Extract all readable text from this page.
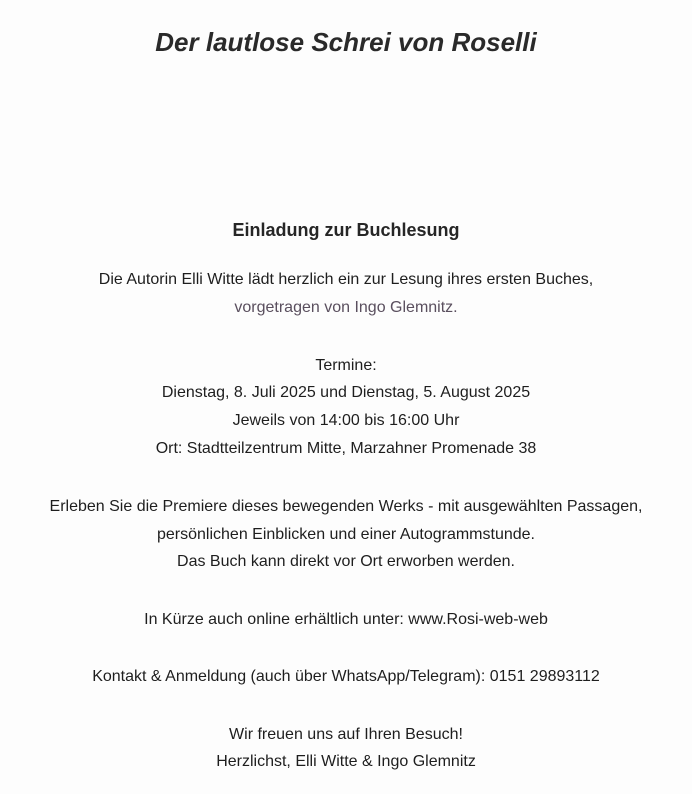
Der lautlose Schrei von Roselli
Einladung zur Buchlesung
Die Autorin Elli Witte lädt herzlich ein zur Lesung ihres ersten Buches,
vorgetragen von Ingo Glemnitz.
Termine:
Dienstag, 8. Juli 2025 und Dienstag, 5. August 2025
Jeweils von 14:00 bis 16:00 Uhr
Ort: Stadtteilzentrum Mitte, Marzahner Promenade 38
Erleben Sie die Premiere dieses bewegenden Werks - mit ausgewählten Passagen,
persönlichen Einblicken und einer Autogrammstunde.
Das Buch kann direkt vor Ort erworben werden.
In Kürze auch online erhältlich unter: www.Rosi-web-web
Kontakt & Anmeldung (auch über WhatsApp/Telegram): 0151 29893112
Wir freuen uns auf Ihren Besuch!
Herzlichst, Elli Witte & Ingo Glemnitz
